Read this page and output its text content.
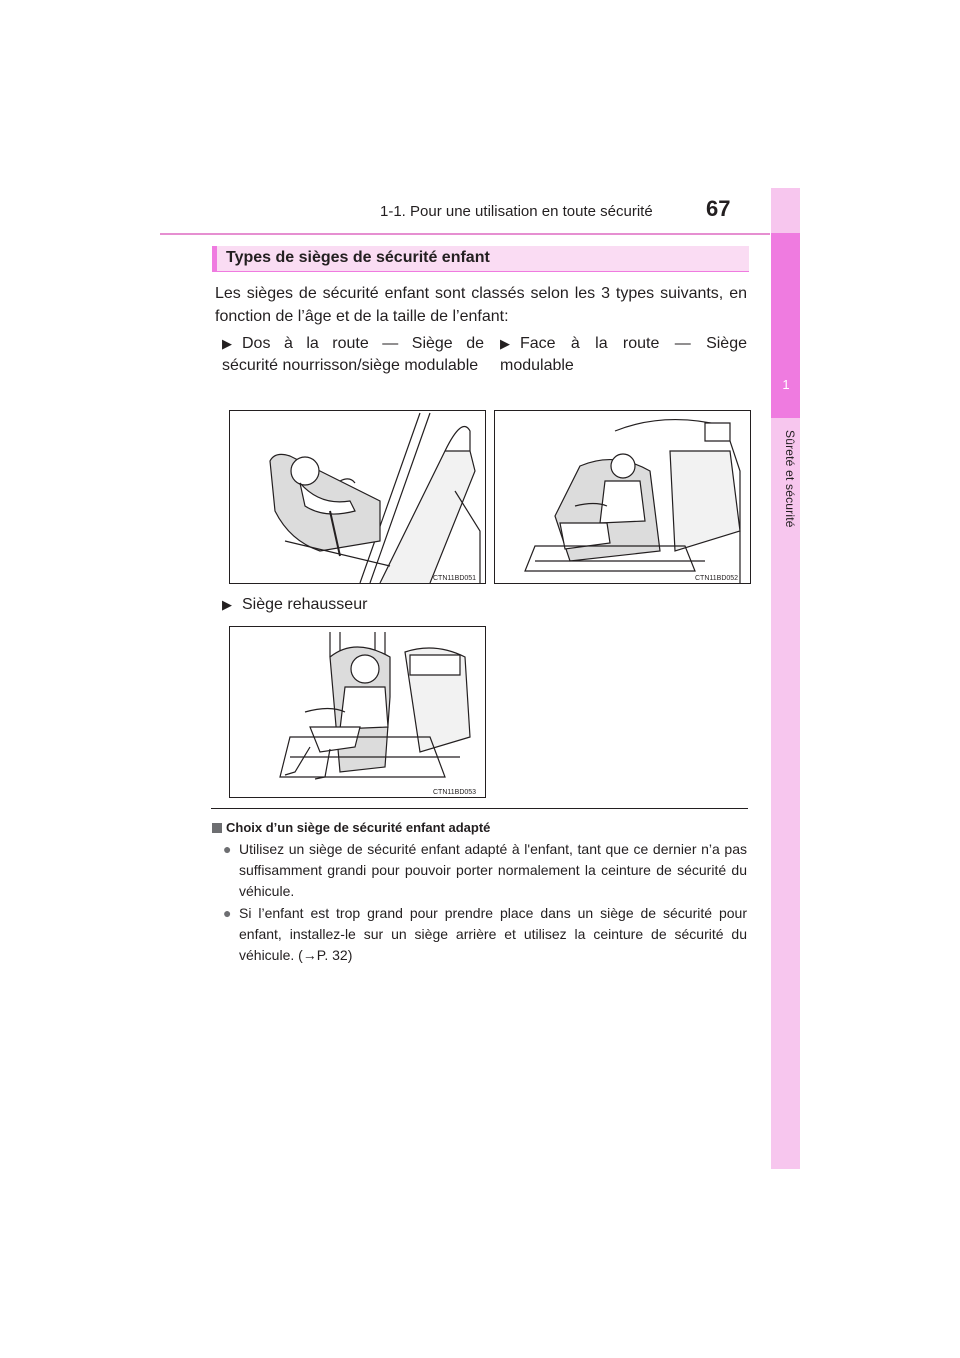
1-1. Pour une utilisation en toute sécurité 67
1
Sûreté et sécurité
Types de sièges de sécurité enfant
Les sièges de sécurité enfant sont classés selon les 3 types suivants, en fonction de l’âge et de la taille de l’enfant:
▶ Dos à la route — Siège de sécurité nourrisson/siège modulable
▶ Face à la route — Siège modulable
▶ Siège rehausseur
CTN11BD051	CTN11BD052
CTN11BD053
Choix d’un siège de sécurité enfant adapté
● Utilisez un siège de sécurité enfant adapté à l'enfant, tant que ce dernier n’a pas suffisamment grandi pour pouvoir porter normalement la ceinture de sécurité du véhicule.
● Si l’enfant est trop grand pour prendre place dans un siège de sécurité pour enfant, installez-le sur un siège arrière et utilisez la ceinture de sécurité du véhicule. (→P. 32)
